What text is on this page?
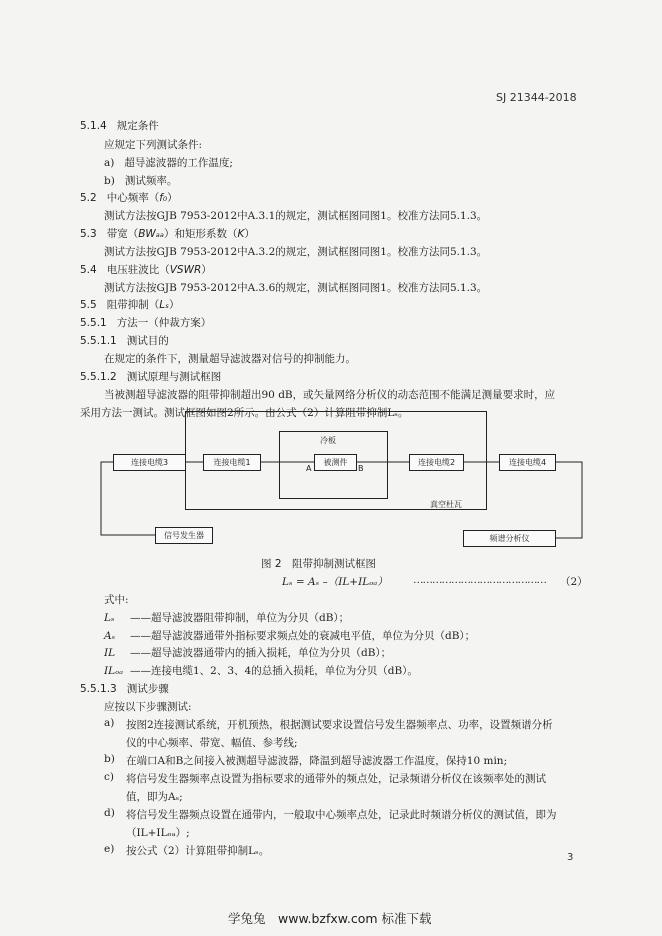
SJ 21344-2018
5.1.4 规定条件
应规定下列测试条件:
a) 超导滤波器的工作温度;
b) 测试频率。
5.2 中心频率（f₀）
测试方法按GJB 7953-2012中A.3.1的规定，测试框图同图1。校准方法同5.1.3。
5.3 带宽（BWₐₐ）和矩形系数（K）
测试方法按GJB 7953-2012中A.3.2的规定，测试框图同图1。校准方法同5.1.3。
5.4 电压驻波比（VSWR）
测试方法按GJB 7953-2012中A.3.6的规定，测试框图同图1。校准方法同5.1.3。
5.5 阻带抑制（Lₛ）
5.5.1 方法一（仲裁方案）
5.5.1.1 测试目的
在规定的条件下，测量超导滤波器对信号的抑制能力。
5.5.1.2 测试原理与测试框图
当被测超导滤波器的阻带抑制超出90 dB，或矢量网络分析仪的动态范围不能满足测量要求时，应
采用方法一测试。测试框图如图2所示。由公式（2）计算阻带抑制Lₛ。
冷板
A	B
真空杜瓦
连接电缆3	连接电缆1	被测件	连接电缆2	连接电缆4
信号发生器	频谱分析仪
图 2　阻带抑制测试框图
Lₛ = Aₛ –（IL+ILₒₐ） …………………………………… （2）
式中:
Lₛ ——超导滤波器阻带抑制，单位为分贝（dB）；
Aₛ ——超导滤波器通带外指标要求频点处的衰减电平值，单位为分贝（dB）；
IL ——超导滤波器通带内的插入损耗，单位为分贝（dB）；
ILₒₐ ——连接电缆1、2、3、4的总插入损耗，单位为分贝（dB）。
5.5.1.3 测试步骤
应按以下步骤测试:
a) 按图2连接测试系统，开机预热，根据测试要求设置信号发生器频率点、功率，设置频谱分析
仪的中心频率、带宽、幅值、参考线;
b) 在端口A和B之间接入被测超导滤波器，降温到超导滤波器工作温度，保持10 min;
c) 将信号发生器频率点设置为指标要求的通带外的频点处，记录频谱分析仪在该频率处的测试
值，即为Aₛ;
d) 将信号发生器频点设置在通带内，一般取中心频率点处，记录此时频谱分析仪的测试值，即为
（IL+ILₒₐ）;
e) 按公式（2）计算阻带抑制Lₛ。
3
学兔兔　www.bzfxw.com 标准下载
